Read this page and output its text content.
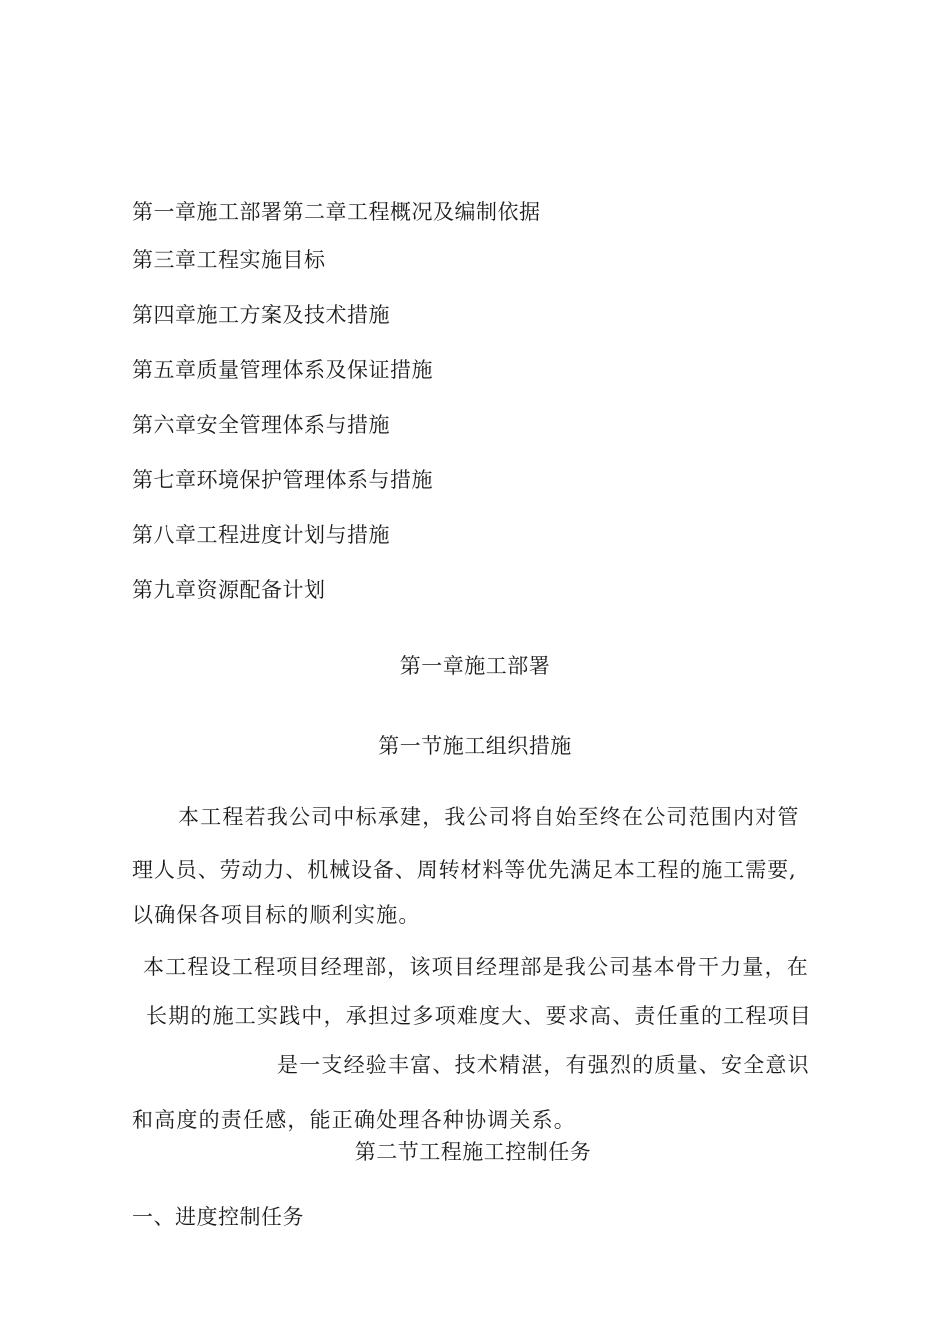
第一章施工部署第二章工程概况及编制依据
第三章工程实施目标
第四章施工方案及技术措施
第五章质量管理体系及保证措施
第六章安全管理体系与措施
第七章环境保护管理体系与措施
第八章工程进度计划与措施
第九章资源配备计划
第一章施工部署
第一节施工组织措施
本工程若我公司中标承建，我公司将自始至终在公司范围内对管
理人员、劳动力、机械设备、周转材料等优先满足本工程的施工需要,
以确保各项目标的顺利实施。
本工程设工程项目经理部，该项目经理部是我公司基本骨干力量，在
长期的施工实践中，承担过多项难度大、要求高、责任重的工程项目
是一支经验丰富、技术精湛，有强烈的质量、安全意识
和高度的责任感，能正确处理各种协调关系。
第二节工程施工控制任务
一、进度控制任务
